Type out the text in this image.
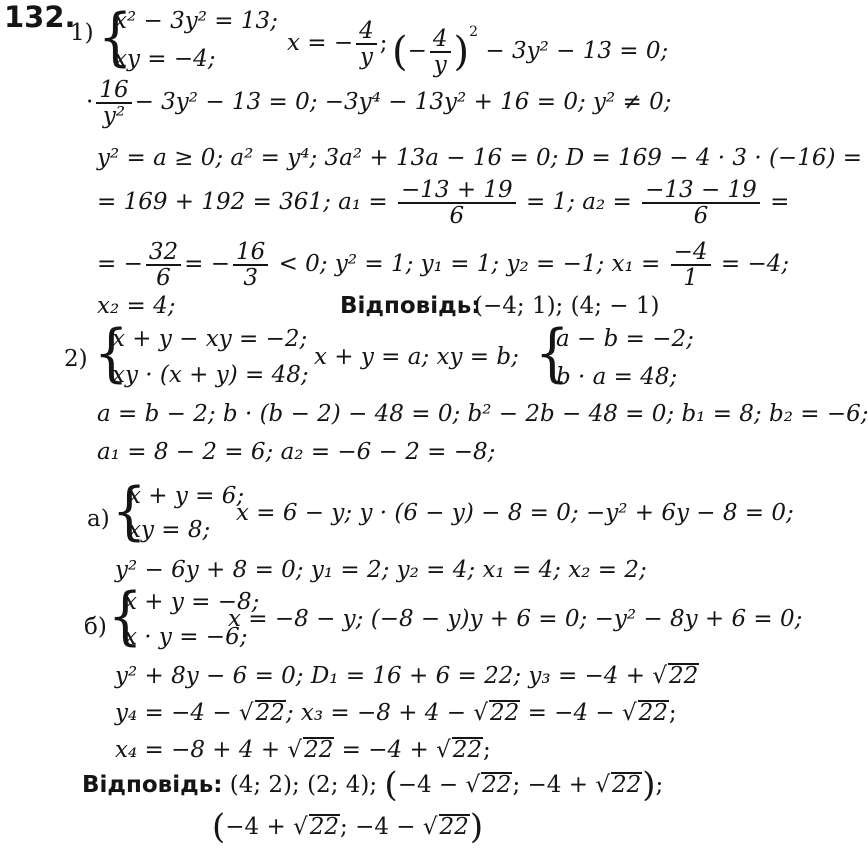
132.
1) {
x² − 3y² = 13;
xy = −4;
x = − $\frac{4}{y}$ ; (− $\frac{4}{y} )^2 - 3y^2 - 13 = 0$;
· $\frac{16}{\text{y²}} - 3y^2 - 13 = 0$; −3y⁴ − 13y² + 16 = 0; y² ≠ 0;
y² = a ≥ 0; a² = y⁴; 3a² + 13a − 16 = 0; D = 169 − 4 · 3 · (−16) =
= 169 + 192 = 361; $a_1 = \frac{-13 + 19}{6} = 1$; $a_2 = \frac{-13 - 19}{6}$ =
= − $\frac{32}{6}$ = − $\frac{16}{3} < 0$; y² = 1; y₁ = 1; y₂ = −1; $x_1 = \frac{-4}{1} = -4$;
x₂ = 4;	Відповідь:
(−4; 1); (4; − 1)
2) {
x + y − xy = −2;
xy · (x + y) = 48;
x + y = a; xy = b; {
a − b = −2;
b · a = 48;
a = b − 2; b · (b − 2) − 48 = 0; b² − 2b − 48 = 0; b₁ = 8; b₂ = −6;
a₁ = 8 − 2 = 6; a₂ = −6 − 2 = −8;
а) {
x + y = 6;
xy = 8;
x = 6 − y; y · (6 − y) − 8 = 0; −y² + 6y − 8 = 0;
y² − 6y + 8 = 0; y₁ = 2; y₂ = 4; x₁ = 4; x₂ = 2;
б) {
x + y = −8;
x · y = −6;
x = −8 − y; (−8 − y)y + 6 = 0; −y² − 8y + 6 = 0;
y² + 8y − 6 = 0; D₁ = 16 + 6 = 22; y₃ = −4 + √22
y₄ = −4 − √22; x₃ = −8 + 4 − √22 = −4 − √22;
x₄ = −8 + 4 + √22 = −4 + √22;
Відповідь: (4; 2); (2; 4); (−4 − √22; −4 + √22);
(−4 + √22; −4 − √22)
